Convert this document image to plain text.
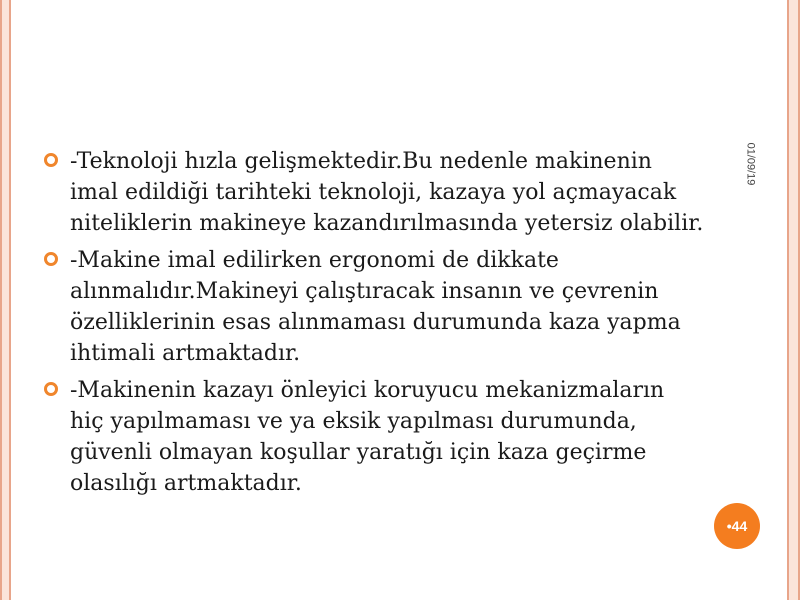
01/09/19
-Teknoloji hızla gelişmektedir.Bu nedenle makinenin imal edildiği tarihteki teknoloji, kazaya yol açmayacak niteliklerin makineye kazandırılmasında yetersiz olabilir.
-Makine imal edilirken ergonomi de dikkate alınmalıdır.Makineyi çalıştıracak insanın ve çevrenin özelliklerinin esas alınmaması durumunda kaza yapma ihtimali artmaktadır.
-Makinenin kazayı önleyici koruyucu mekanizmaların hiç yapılmaması ve ya eksik yapılması durumunda, güvenli olmayan koşullar yaratığı için kaza geçirme olasılığı artmaktadır.
•44
